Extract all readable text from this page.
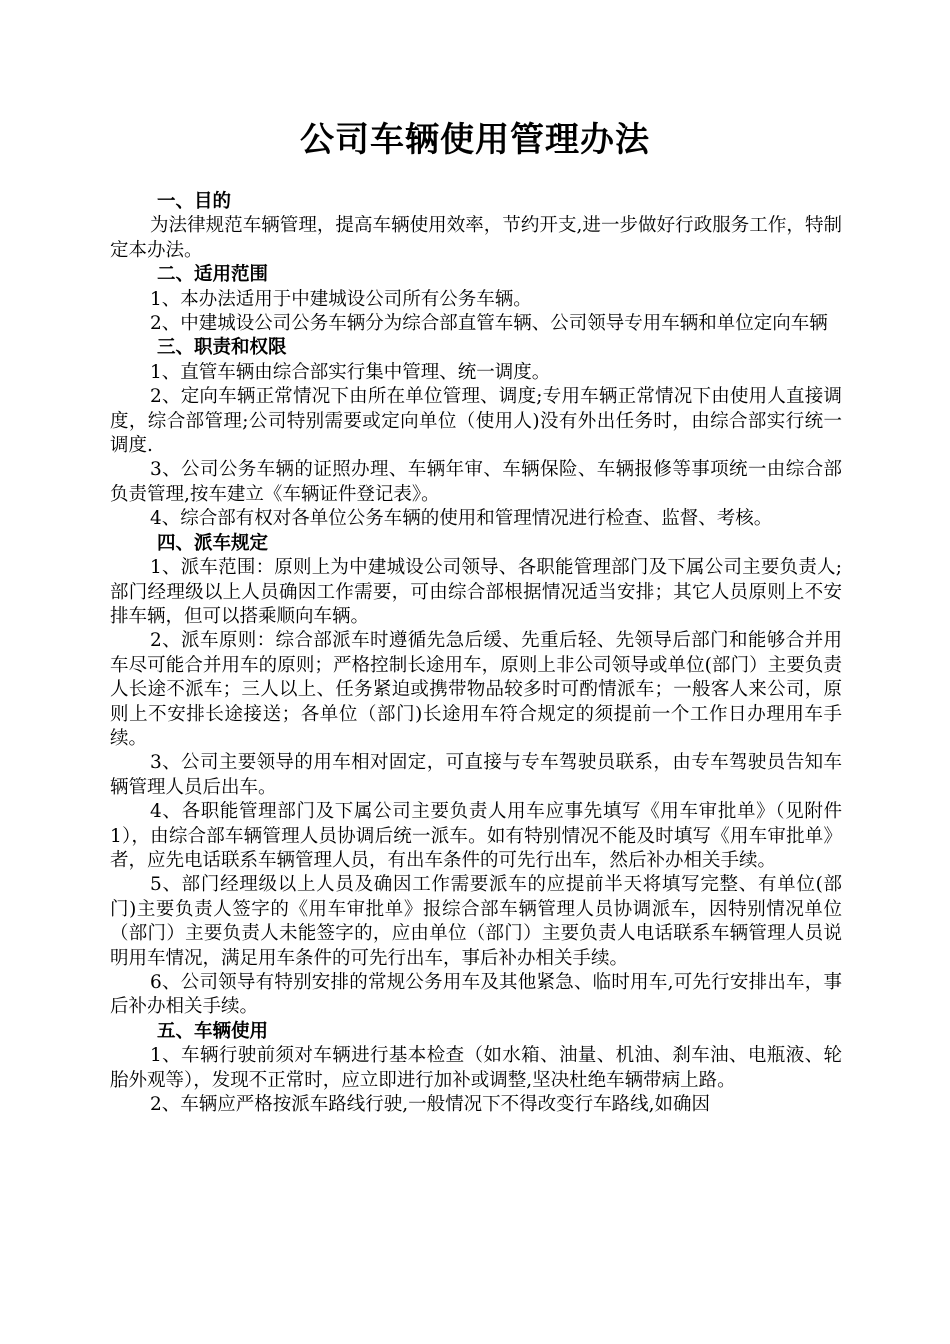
公司车辆使用管理办法

一、目的

为法律规范车辆管理，提高车辆使用效率，节约开支,进一步做好行政服务工作，特制定本办法。

二、适用范围

1、本办法适用于中建城设公司所有公务车辆。

2、中建城设公司公务车辆分为综合部直管车辆、公司领导专用车辆和单位定向车辆

三、职责和权限

1、直管车辆由综合部实行集中管理、统一调度。

2、定向车辆正常情况下由所在单位管理、调度;专用车辆正常情况下由使用人直接调度，综合部管理;公司特别需要或定向单位（使用人)没有外出任务时，由综合部实行统一调度.

3、公司公务车辆的证照办理、车辆年审、车辆保险、车辆报修等事项统一由综合部负责管理,按车建立《车辆证件登记表》。

4、综合部有权对各单位公务车辆的使用和管理情况进行检查、监督、考核。

四、派车规定

1、派车范围：原则上为中建城设公司领导、各职能管理部门及下属公司主要负责人;部门经理级以上人员确因工作需要，可由综合部根据情况适当安排；其它人员原则上不安排车辆，但可以搭乘顺向车辆。

2、派车原则：综合部派车时遵循先急后缓、先重后轻、先领导后部门和能够合并用车尽可能合并用车的原则；严格控制长途用车，原则上非公司领导或单位(部门）主要负责人长途不派车；三人以上、任务紧迫或携带物品较多时可酌情派车；一般客人来公司，原则上不安排长途接送；各单位（部门)长途用车符合规定的须提前一个工作日办理用车手续。

3、公司主要领导的用车相对固定，可直接与专车驾驶员联系，由专车驾驶员告知车辆管理人员后出车。

4、各职能管理部门及下属公司主要负责人用车应事先填写《用车审批单》（见附件1），由综合部车辆管理人员协调后统一派车。如有特别情况不能及时填写《用车审批单》者，应先电话联系车辆管理人员，有出车条件的可先行出车，然后补办相关手续。

5、部门经理级以上人员及确因工作需要派车的应提前半天将填写完整、有单位(部门)主要负责人签字的《用车审批单》报综合部车辆管理人员协调派车，因特别情况单位（部门）主要负责人未能签字的，应由单位（部门）主要负责人电话联系车辆管理人员说明用车情况，满足用车条件的可先行出车，事后补办相关手续。

6、公司领导有特别安排的常规公务用车及其他紧急、临时用车,可先行安排出车，事后补办相关手续。

五、车辆使用

1、车辆行驶前须对车辆进行基本检查（如水箱、油量、机油、刹车油、电瓶液、轮胎外观等），发现不正常时，应立即进行加补或调整,坚决杜绝车辆带病上路。

2、车辆应严格按派车路线行驶,一般情况下不得改变行车路线,如确因
